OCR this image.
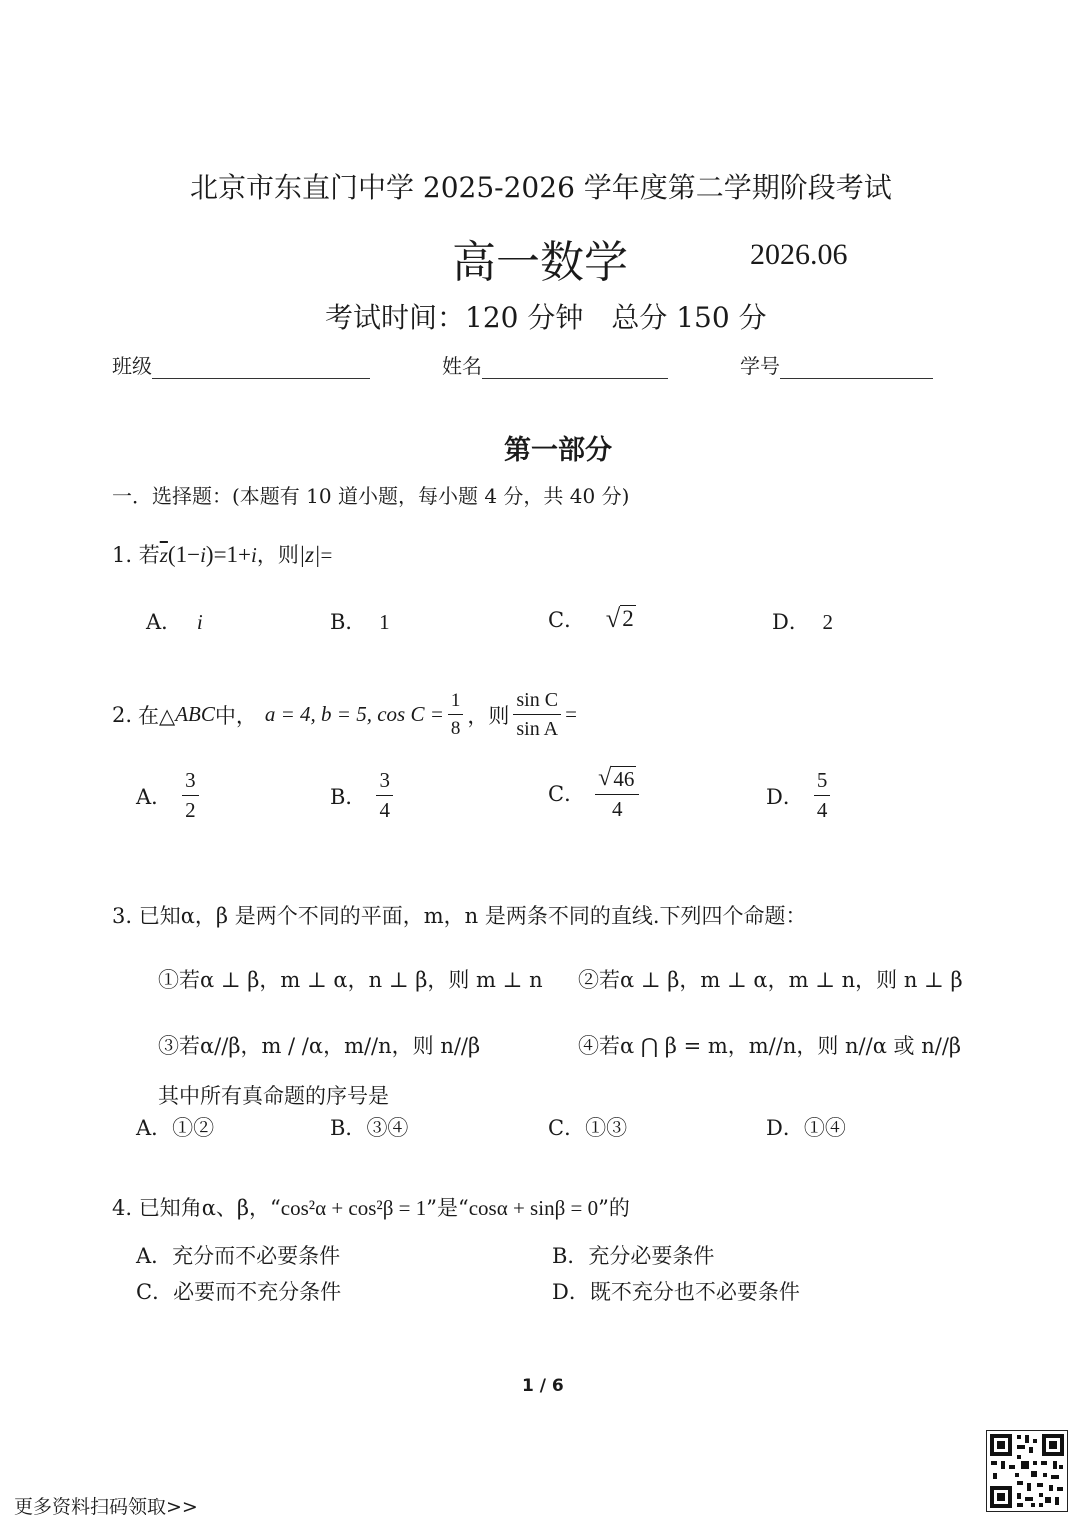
北京市东直门中学 2025-2026 学年度第二学期阶段考试
高一数学	2026.06
考试时间：120 分钟　总分 150 分
班级	姓名	学号
第一部分
一．选择题：(本题有 10 道小题，每小题 4 分，共 40 分)
1. 若$\overline{z}(1-i)=1+i$，则|z|=
A． i	B． 1	C． √ 2	D． 2
2. 在△ ABC 中， a = 4, b = 5, $\cos C = \frac{1}{8}$ ，则 $\frac{\text{sin C}}{\text{sin A}}$ =
A． $\frac{3}{2}$	B． $\frac{3}{4}$	C． $\frac{√ 46}{4}$	D． $\frac{5}{4}$
3. 已知α，β 是两个不同的平面，m，n 是两条不同的直线.下列四个命题：
①若α ⊥ β，m ⊥ α，n ⊥ β，则 m ⊥ n ②若α ⊥ β，m ⊥ α，m ⊥ n，则 n ⊥ β
③若α//β，m / /α，m//n，则 n//β	④若α ⋂ β = m，m//n，则 n//α 或 n//β
其中所有真命题的序号是
A．①②	B．③④	C．①③	D．①④
4. 已知角α、β，“cos²α + cos²β = 1”是“cosα + sinβ = 0”的
A．充分而不必要条件	B．充分必要条件
C．必要而不充分条件	D．既不充分也不必要条件
1 / 6
更多资料扫码领取>>
